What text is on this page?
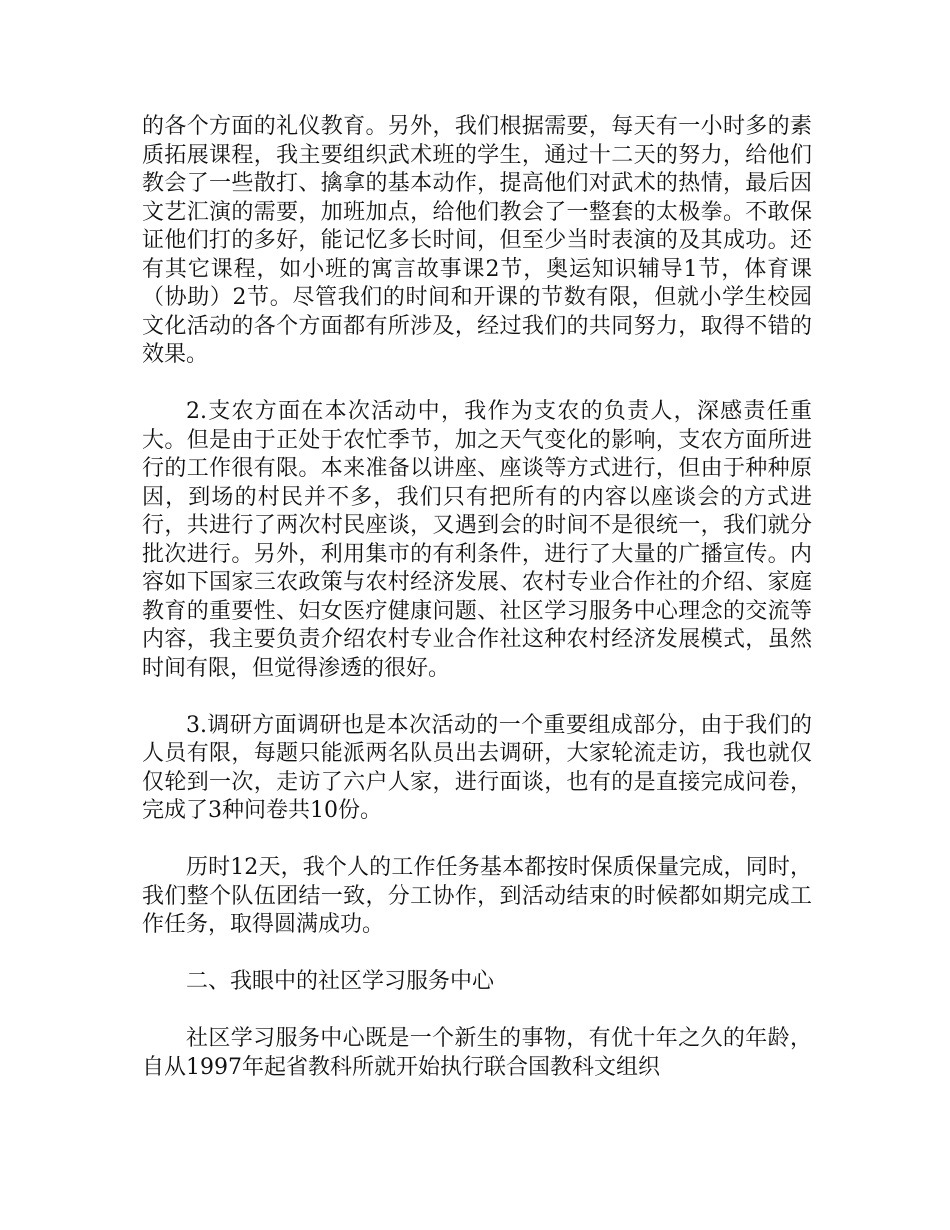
的各个方面的礼仪教育。另外，我们根据需要，每天有一小时多的素质拓展课程，我主要组织武术班的学生，通过十二天的努力，给他们教会了一些散打、擒拿的基本动作，提高他们对武术的热情，最后因文艺汇演的需要，加班加点，给他们教会了一整套的太极拳。不敢保证他们打的多好，能记忆多长时间，但至少当时表演的及其成功。还有其它课程，如小班的寓言故事课2节，奥运知识辅导1节，体育课（协助）2节。尽管我们的时间和开课的节数有限，但就小学生校园文化活动的各个方面都有所涉及，经过我们的共同努力，取得不错的效果。

2.支农方面在本次活动中，我作为支农的负责人，深感责任重大。但是由于正处于农忙季节，加之天气变化的影响，支农方面所进行的工作很有限。本来准备以讲座、座谈等方式进行，但由于种种原因，到场的村民并不多，我们只有把所有的内容以座谈会的方式进行，共进行了两次村民座谈，又遇到会的时间不是很统一，我们就分批次进行。另外，利用集市的有利条件，进行了大量的广播宣传。内容如下国家三农政策与农村经济发展、农村专业合作社的介绍、家庭教育的重要性、妇女医疗健康问题、社区学习服务中心理念的交流等内容，我主要负责介绍农村专业合作社这种农村经济发展模式，虽然时间有限，但觉得渗透的很好。

3.调研方面调研也是本次活动的一个重要组成部分，由于我们的人员有限，每题只能派两名队员出去调研，大家轮流走访，我也就仅仅轮到一次，走访了六户人家，进行面谈，也有的是直接完成问卷，完成了3种问卷共10份。

历时12天，我个人的工作任务基本都按时保质保量完成，同时，我们整个队伍团结一致，分工协作，到活动结束的时候都如期完成工作任务，取得圆满成功。

二、我眼中的社区学习服务中心

社区学习服务中心既是一个新生的事物，有优十年之久的年龄，自从1997年起省教科所就开始执行联合国教科文组织
